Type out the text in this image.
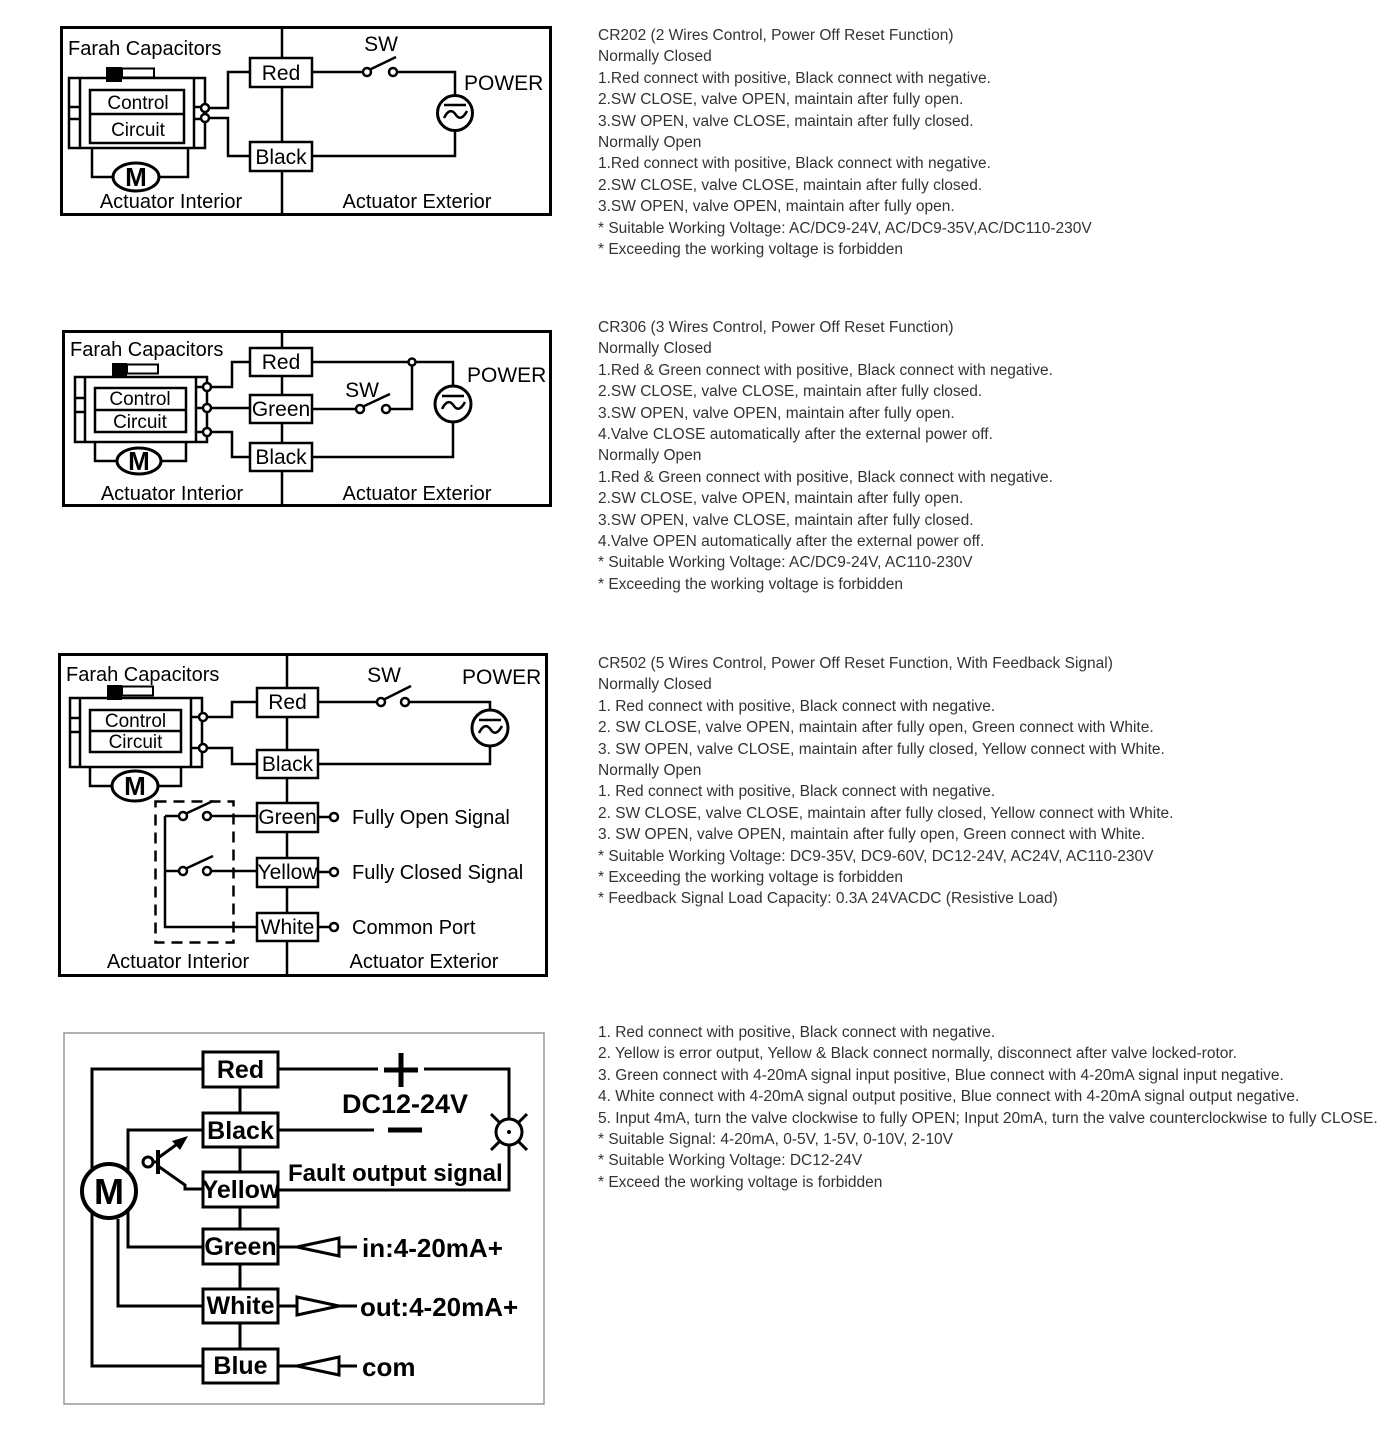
M
Red
Black
Farah Capacitors	SW
POWER
Control
Circuit
Actuator Interior	Actuator Exterior
M
Red
Green
Black
Farah Capacitors
SW
POWER
Control
Circuit
Actuator Interior	Actuator Exterior
M
Red
Black
Green
Yellow
White
Farah Capacitors	SW	POWER
Control
Circuit
Fully Open Signal
Fully Closed Signal
Common Port
Actuator Interior	Actuator Exterior
M
Red
Black
Yellow
Green
White
Blue
DC12-24V
Fault output signal
in:4-20mA+
out:4-20mA+
com
CR202 (2 Wires Control, Power Off Reset Function)
Normally Closed
1.Red connect with positive, Black connect with negative.
2.SW CLOSE, valve OPEN, maintain after fully open.
3.SW OPEN, valve CLOSE, maintain after fully closed.
Normally Open
1.Red connect with positive, Black connect with negative.
2.SW CLOSE, valve CLOSE, maintain after fully closed.
3.SW OPEN, valve OPEN, maintain after fully open.
* Suitable Working Voltage: AC/DC9-24V, AC/DC9-35V,AC/DC110-230V
* Exceeding the working voltage is forbidden
CR306 (3 Wires Control, Power Off Reset Function)
Normally Closed
1.Red & Green connect with positive, Black connect with negative.
2.SW CLOSE, valve CLOSE, maintain after fully closed.
3.SW OPEN, valve OPEN, maintain after fully open.
4.Valve CLOSE automatically after the external power off.
Normally Open
1.Red & Green connect with positive, Black connect with negative.
2.SW CLOSE, valve OPEN, maintain after fully open.
3.SW OPEN, valve CLOSE, maintain after fully closed.
4.Valve OPEN automatically after the external power off.
* Suitable Working Voltage: AC/DC9-24V, AC110-230V
* Exceeding the working voltage is forbidden
CR502 (5 Wires Control, Power Off Reset Function, With Feedback Signal)
Normally Closed
1. Red connect with positive, Black connect with negative.
2. SW CLOSE, valve OPEN, maintain after fully open, Green connect with White.
3. SW OPEN, valve CLOSE, maintain after fully closed, Yellow connect with White.
Normally Open
1. Red connect with positive, Black connect with negative.
2. SW CLOSE, valve CLOSE, maintain after fully closed, Yellow connect with White.
3. SW OPEN, valve OPEN, maintain after fully open, Green connect with White.
* Suitable Working Voltage: DC9-35V, DC9-60V, DC12-24V, AC24V, AC110-230V
* Exceeding the working voltage is forbidden
* Feedback Signal Load Capacity: 0.3A 24VACDC (Resistive Load)
1. Red connect with positive, Black connect with negative.
2. Yellow is error output, Yellow & Black connect normally, disconnect after valve locked-rotor.
3. Green connect with 4-20mA signal input positive, Blue connect with 4-20mA signal input negative.
4. White connect with 4-20mA signal output positive, Blue connect with 4-20mA signal output negative.
5. Input 4mA, turn the valve clockwise to fully OPEN; Input 20mA, turn the valve counterclockwise to fully CLOSE.
* Suitable Signal: 4-20mA, 0-5V, 1-5V, 0-10V, 2-10V
* Suitable Working Voltage: DC12-24V
* Exceed the working voltage is forbidden
